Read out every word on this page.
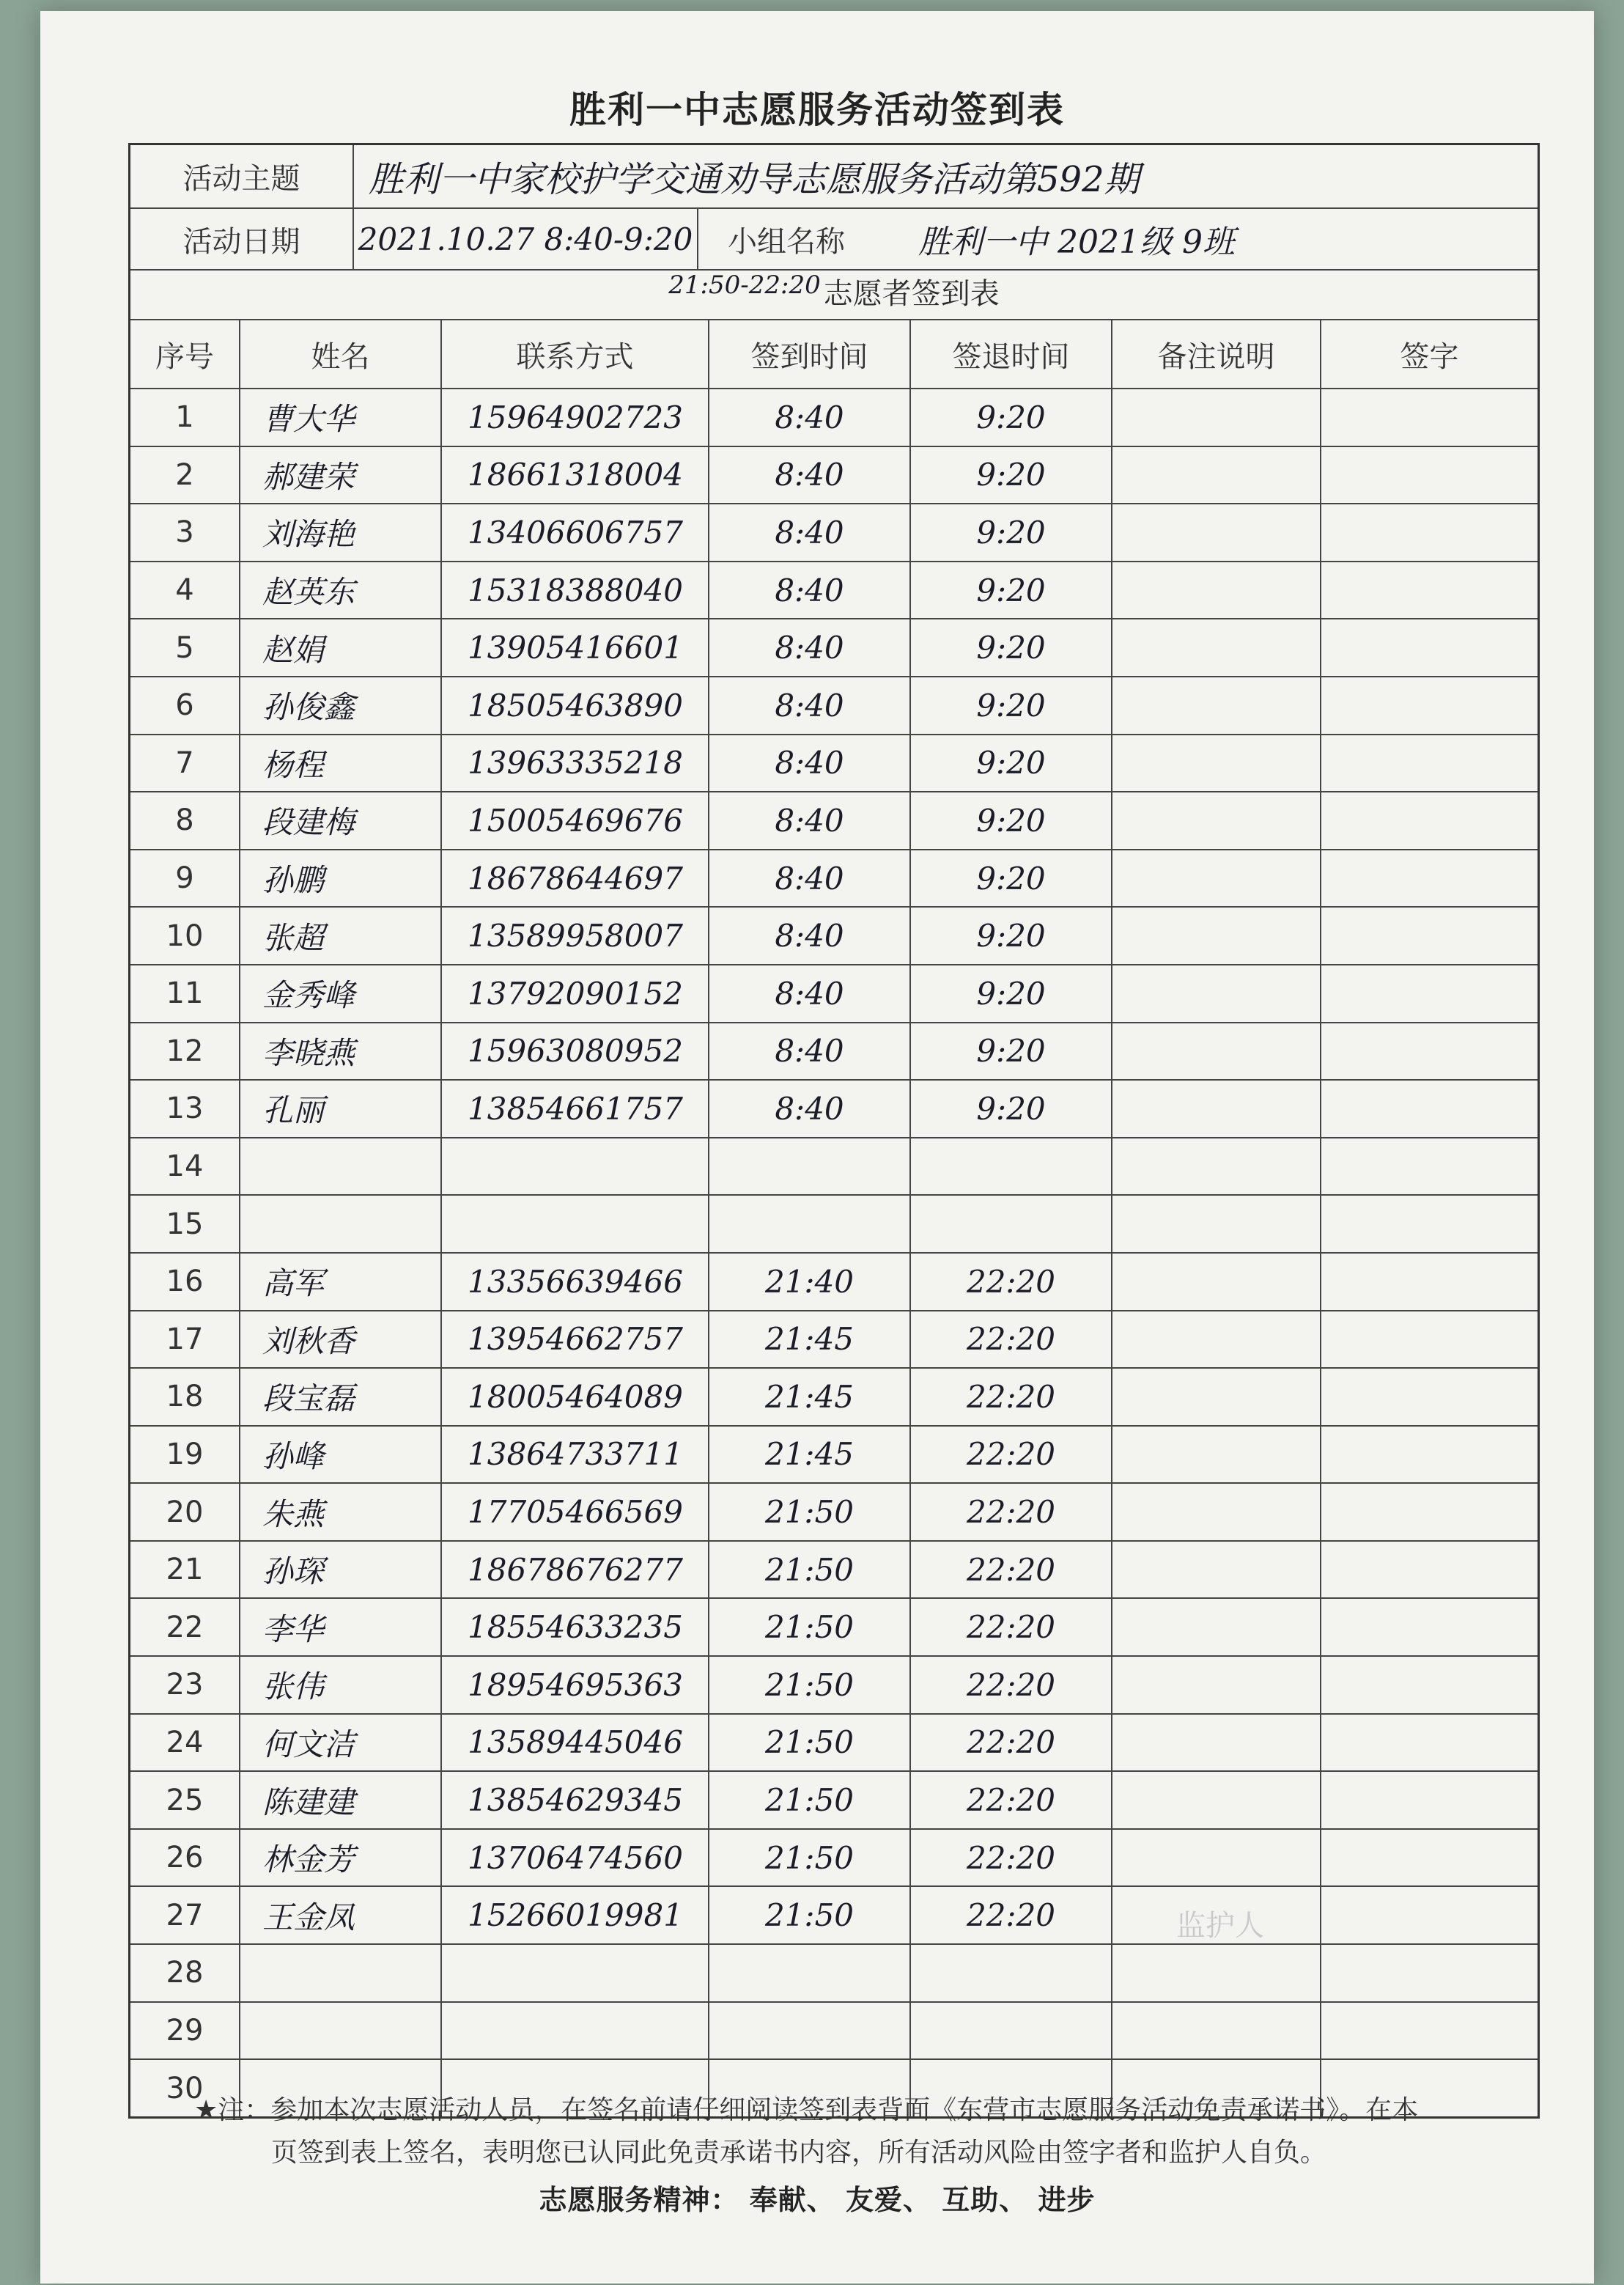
胜利一中志愿服务活动签到表
活动主题	胜利一中家校护学交通劝导志愿服务活动第592期
活动日期	2021.10.27 8:40-9:20	小组名称	胜利一中 2021级 9班
21:50-22:20 志愿者签到表
序号	姓名	联系方式	签到时间	签退时间	备注说明	签字
1	曹大华	15964902723	8:40	9:20
2	郝建荣	18661318004	8:40	9:20
3	刘海艳	13406606757	8:40	9:20
4	赵英东	15318388040	8:40	9:20
5	赵娟	13905416601	8:40	9:20
6	孙俊鑫	18505463890	8:40	9:20
7	杨程	13963335218	8:40	9:20
8	段建梅	15005469676	8:40	9:20
9	孙鹏	18678644697	8:40	9:20
10	张超	13589958007	8:40	9:20
11	金秀峰	13792090152	8:40	9:20
12	李晓燕	15963080952	8:40	9:20
13	孔丽	13854661757	8:40	9:20
14
15
16	高军	13356639466	21:40	22:20
17	刘秋香	13954662757	21:45	22:20
18	段宝磊	18005464089	21:45	22:20
19	孙峰	13864733711	21:45	22:20
20	朱燕	17705466569	21:50	22:20
21	孙琛	18678676277	21:50	22:20
22	李华	18554633235	21:50	22:20
23	张伟	18954695363	21:50	22:20
24	何文洁	13589445046	21:50	22:20
25	陈建建	13854629345	21:50	22:20
26	林金芳	13706474560	21:50	22:20
27	王金凤	15266019981	21:50	22:20
28
29
30
监护人
★注：参加本次志愿活动人员，在签名前请仔细阅读签到表背面《东营市志愿服务活动免责承诺书》。在本
页签到表上签名，表明您已认同此免责承诺书内容，所有活动风险由签字者和监护人自负。
志愿服务精神： 奉献、 友爱、 互助、 进步
